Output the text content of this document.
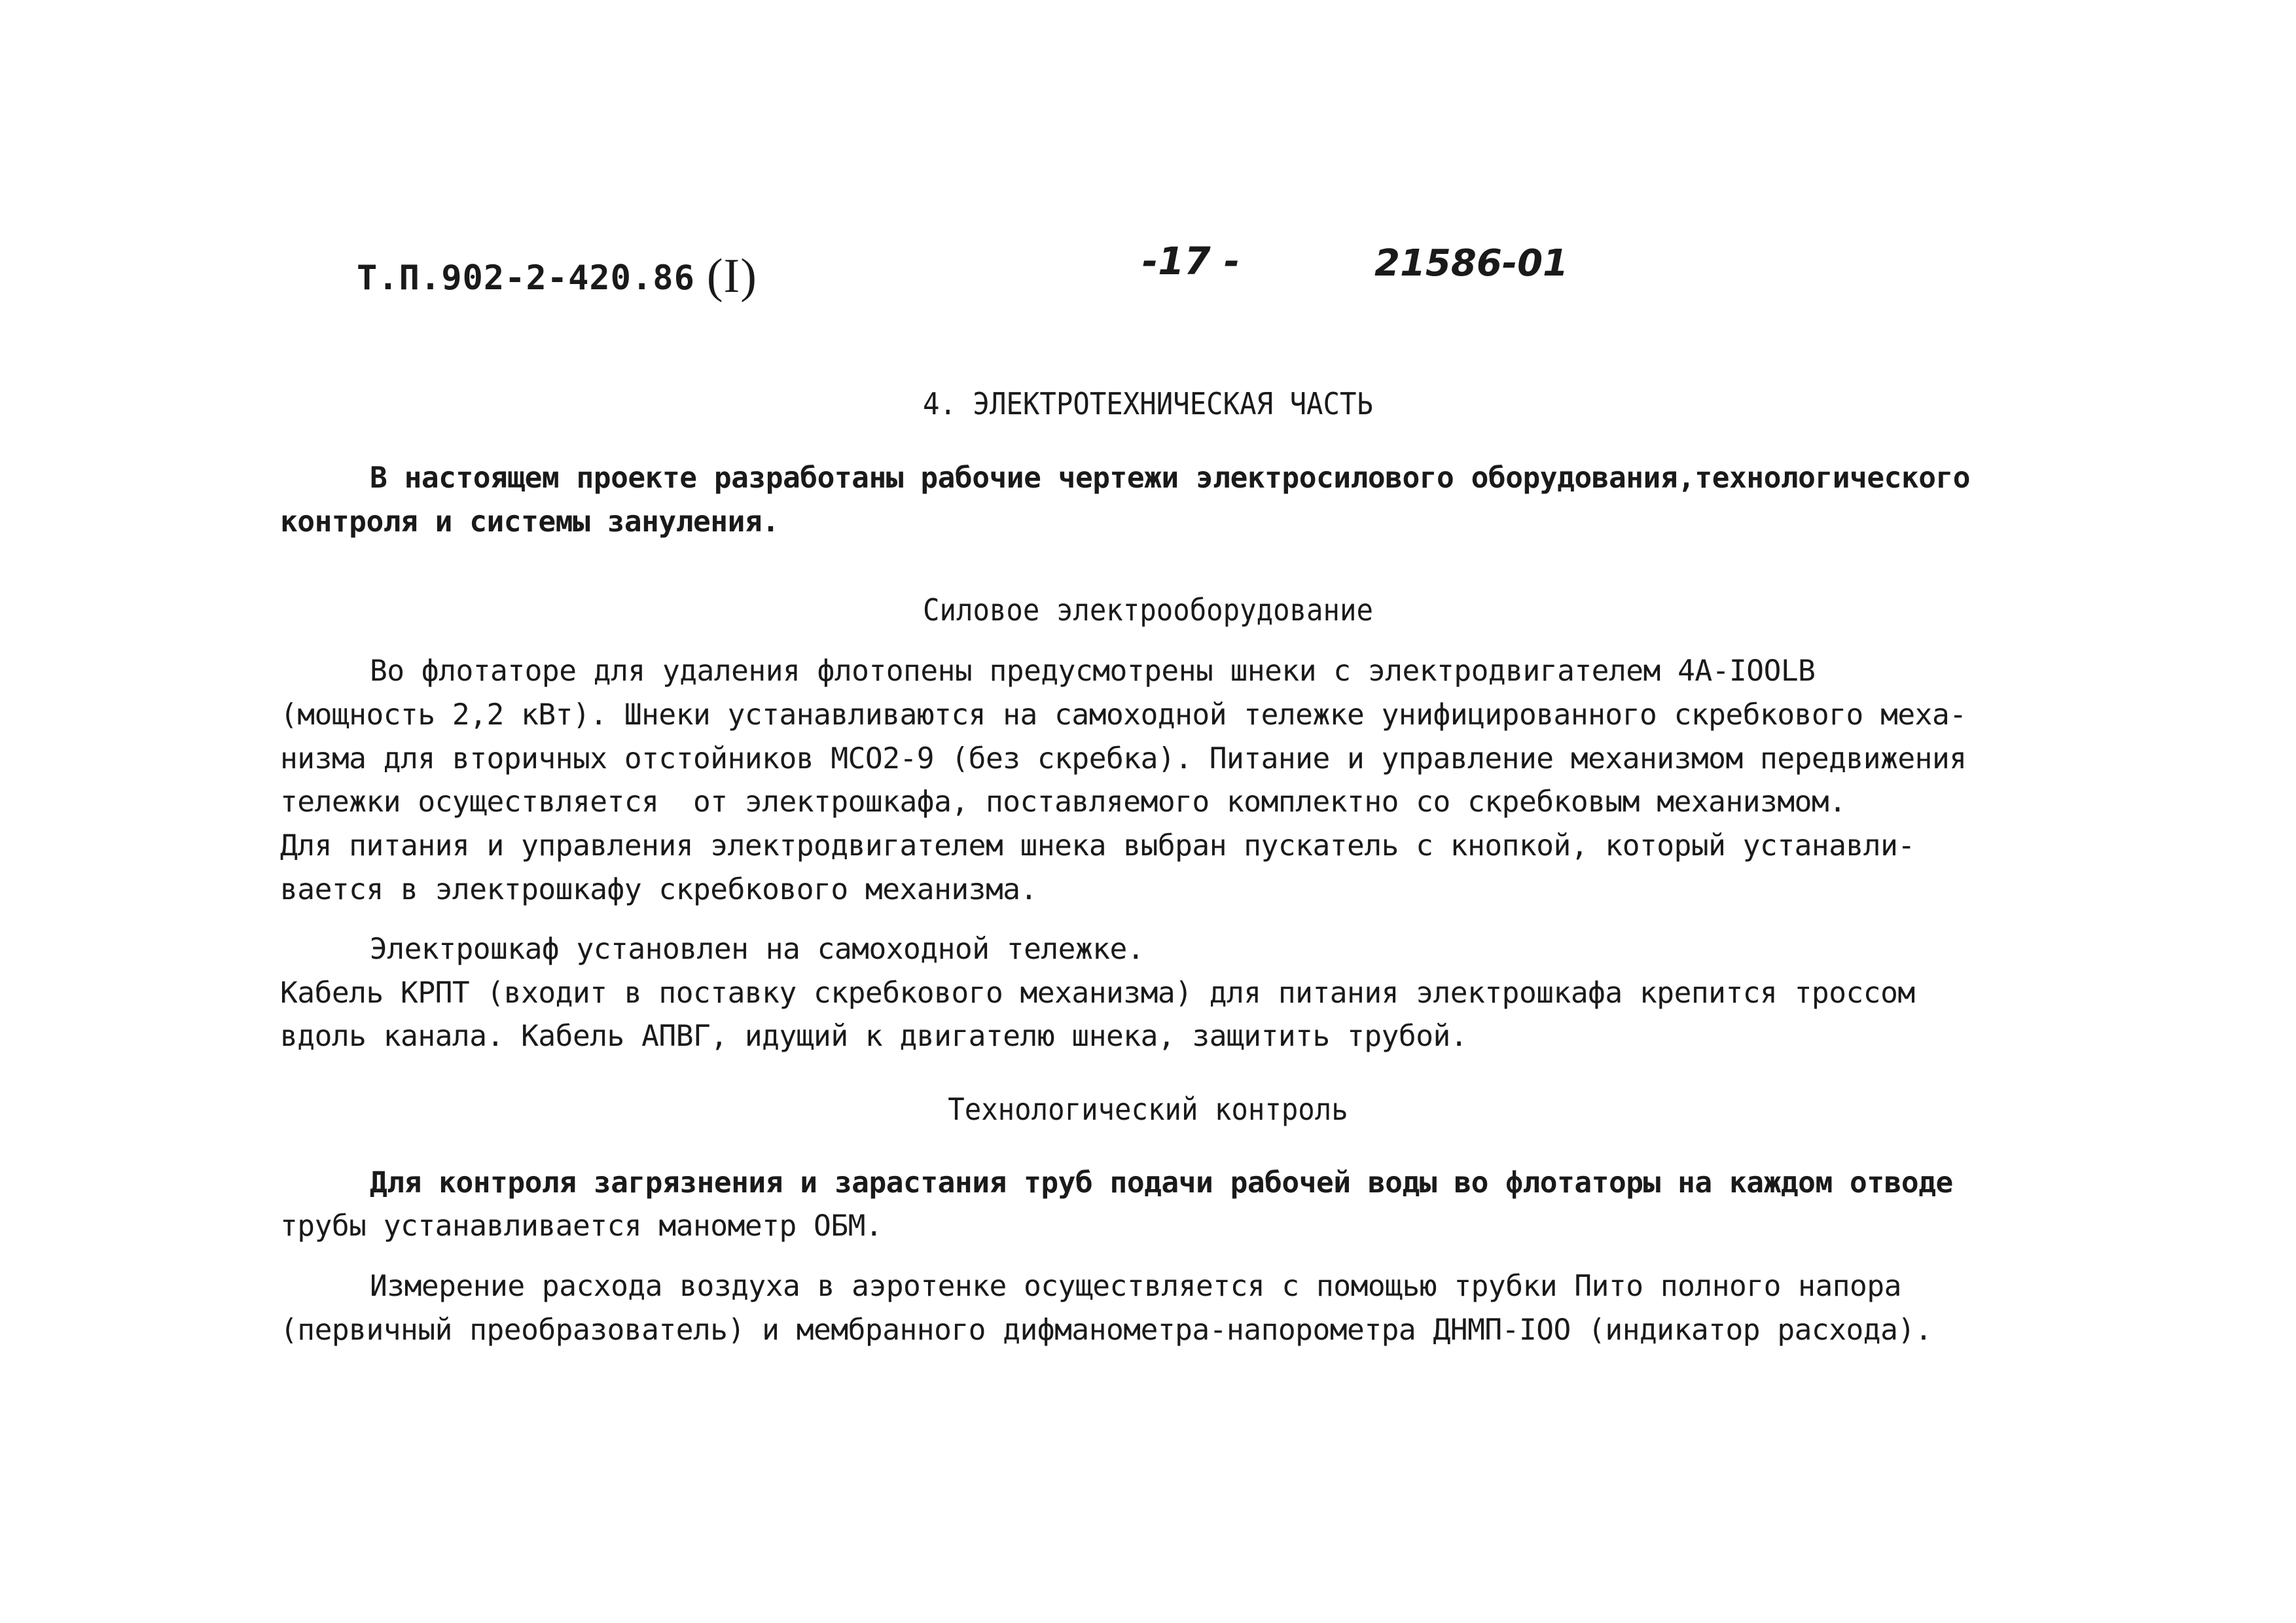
Т.П.902-2-420.86 (I)	-17 -	21586-01
4. ЭЛЕКТРОТЕХНИЧЕСКАЯ ЧАСТЬ
В настоящем проекте разработаны рабочие чертежи электросилового оборудования,технологического
контроля и системы зануления.
Силовое электрооборудование
Во флотаторе для удаления флотопены предусмотрены шнеки с электродвигателем 4А-IOOLВ
(мощность 2,2 кВт). Шнеки устанавливаются на самоходной тележке унифицированного скребкового меха-
низма для вторичных отстойников МСО2-9 (без скребка). Питание и управление механизмом передвижения
тележки осуществляется  от электрошкафа, поставляемого комплектно со скребковым механизмом.
Для питания и управления электродвигателем шнека выбран пускатель с кнопкой, который устанавли-
вается в электрошкафу скребкового механизма.
Электрошкаф установлен на самоходной тележке.
Кабель КРПТ (входит в поставку скребкового механизма) для питания электрошкафа крепится троссом
вдоль канала. Кабель АПВГ, идущий к двигателю шнека, защитить трубой.
Технологический контроль
Для контроля загрязнения и зарастания труб подачи рабочей воды во флотаторы на каждом отводе
трубы устанавливается манометр ОБМ.
Измерение расхода воздуха в аэротенке осуществляется с помощью трубки Пито полного напора
(первичный преобразователь) и мембранного дифманометра-напорометра ДНМП-IOO (индикатор расхода).
